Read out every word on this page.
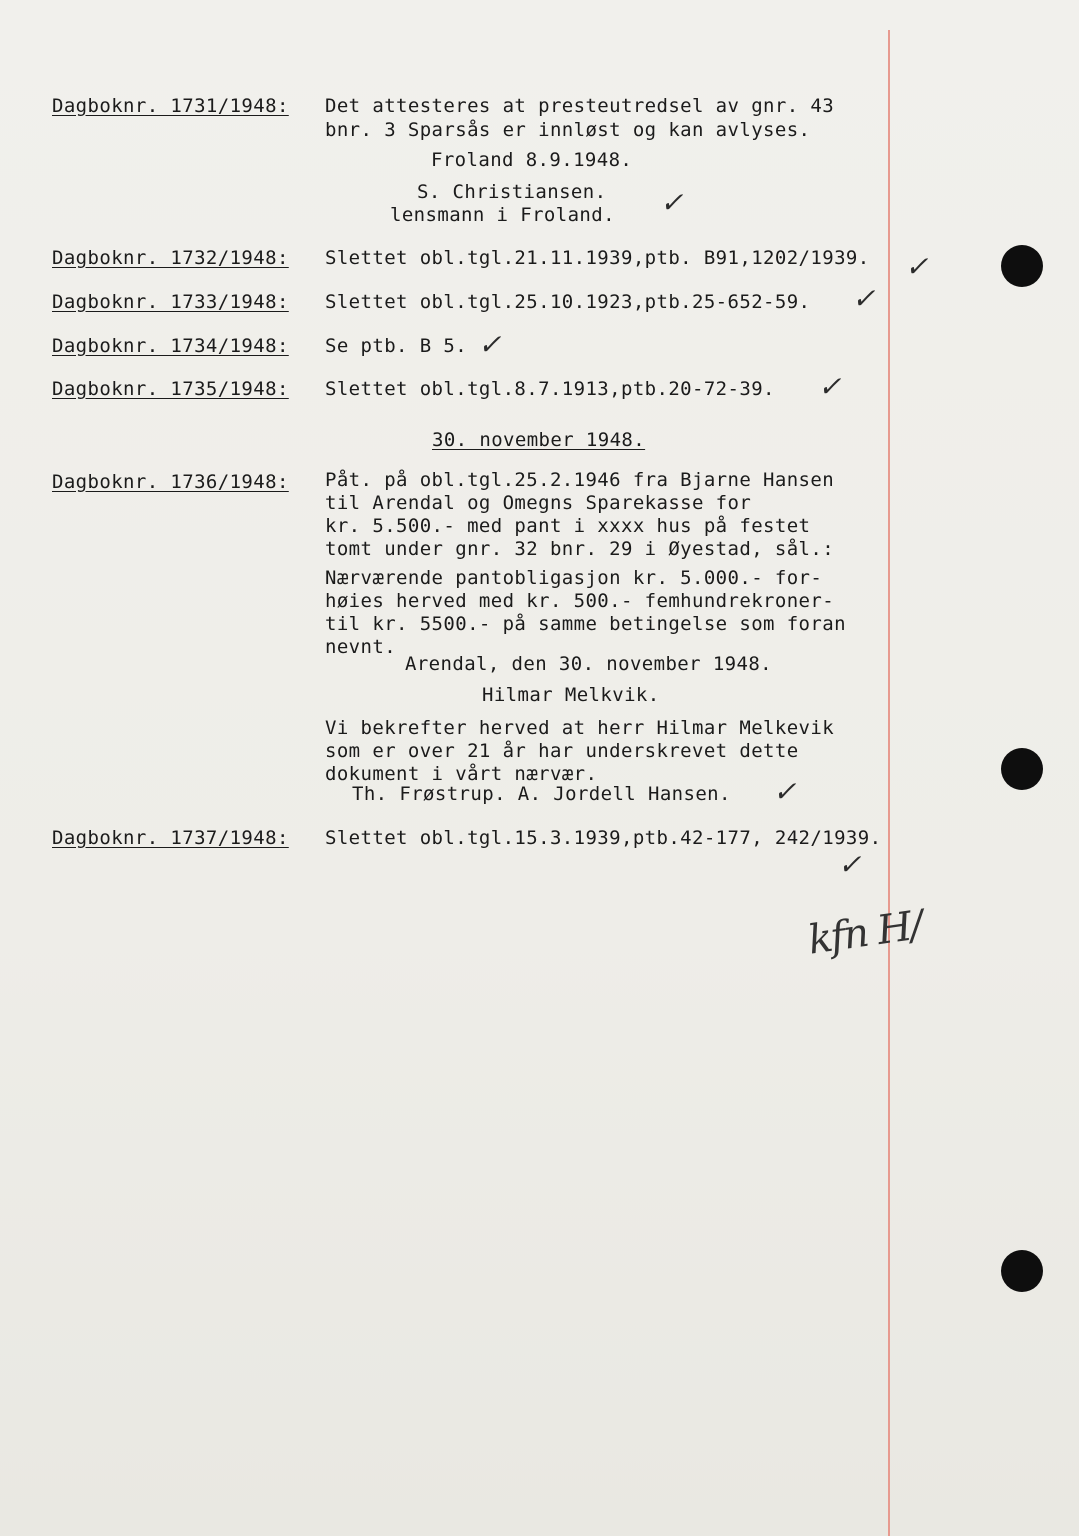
Dagboknr. 1731/1948: Det attesteres at presteutredsel av gnr. 43
bnr. 3 Sparsås er innløst og kan avlyses.
Froland 8.9.1948.
S. Christiansen.
lensmann i Froland. ✓
Dagboknr. 1732/1948: Slettet obl.tgl.21.11.1939,ptb. B91,1202/1939. ✓
Dagboknr. 1733/1948: Slettet obl.tgl.25.10.1923,ptb.25-652-59. ✓
Dagboknr. 1734/1948: Se ptb. B 5. ✓
Dagboknr. 1735/1948: Slettet obl.tgl.8.7.1913,ptb.20-72-39. ✓
30. november 1948.
Dagboknr. 1736/1948: Påt. på obl.tgl.25.2.1946 fra Bjarne Hansen
til Arendal og Omegns Sparekasse for
kr. 5.500.- med pant i xxxx hus på festet
tomt under gnr. 32 bnr. 29 i Øyestad, sål.:
Nærværende pantobligasjon kr. 5.000.- for-
høies herved med kr. 500.- femhundrekroner-
til kr. 5500.- på samme betingelse som foran
nevnt.
Arendal, den 30. november 1948.
Hilmar Melkvik.
Vi bekrefter herved at herr Hilmar Melkevik
som er over 21 år har underskrevet dette
dokument i vårt nærvær.
Th. Frøstrup. A. Jordell Hansen. ✓
Dagboknr. 1737/1948: Slettet obl.tgl.15.3.1939,ptb.42-177, 242/1939.
✓
kfn H/
